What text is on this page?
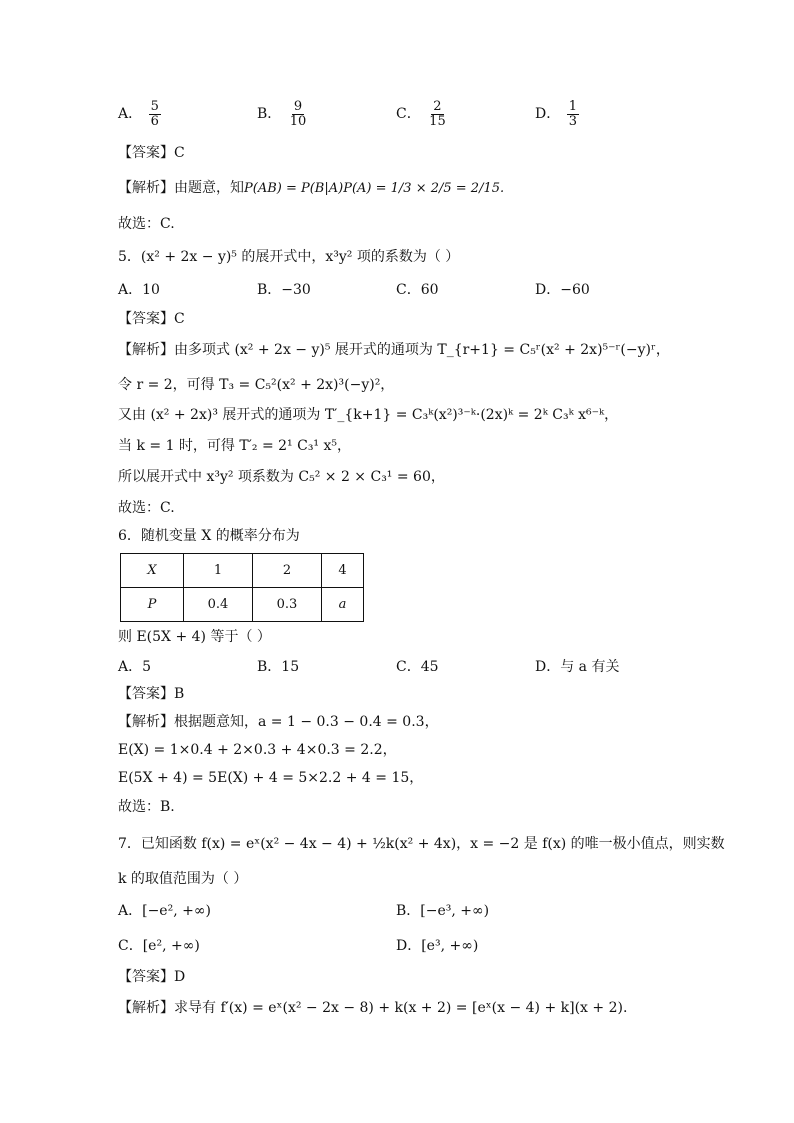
A． $\frac{5}{6}$	B． $\frac{9}{10}$	C． $\frac{2}{15}$	D． $\frac{1}{3}$
【答案】C
【解析】由题意，知P(AB) = P(B|A)P(A) = 1/3 × 2/5 = 2/15.
故选：C.
5．(x² + 2x − y)⁵ 的展开式中，x³y² 项的系数为（ ）
A．10	B．−30	C．60	D．−60
【答案】C
【解析】由多项式 (x² + 2x − y)⁵ 展开式的通项为 T_{r+1} = C₅ʳ(x² + 2x)⁵⁻ʳ(−y)ʳ，
令 r = 2，可得 T₃ = C₅²(x² + 2x)³(−y)²，
又由 (x² + 2x)³ 展开式的通项为 T′_{k+1} = C₃ᵏ(x²)³⁻ᵏ·(2x)ᵏ = 2ᵏ C₃ᵏ x⁶⁻ᵏ，
当 k = 1 时，可得 T′₂ = 2¹ C₃¹ x⁵，
所以展开式中 x³y² 项系数为 C₅² × 2 × C₃¹ = 60，
故选：C.
6．随机变量 X 的概率分布为
X	1	2	4
P	0.4	0.3	a
则 E(5X + 4) 等于（ ）
A．5	B．15	C．45	D．与 a 有关
【答案】B
【解析】根据题意知，a = 1 − 0.3 − 0.4 = 0.3，
E(X) = 1×0.4 + 2×0.3 + 4×0.3 = 2.2，
E(5X + 4) = 5E(X) + 4 = 5×2.2 + 4 = 15，
故选：B.
7．已知函数 f(x) = eˣ(x² − 4x − 4) + ½k(x² + 4x)，x = −2 是 f(x) 的唯一极小值点，则实数
k 的取值范围为（ ）
A．[−e², +∞)	B．[−e³, +∞)
C．[e², +∞)	D．[e³, +∞)
【答案】D
【解析】求导有 f′(x) = eˣ(x² − 2x − 8) + k(x + 2) = [eˣ(x − 4) + k](x + 2).
